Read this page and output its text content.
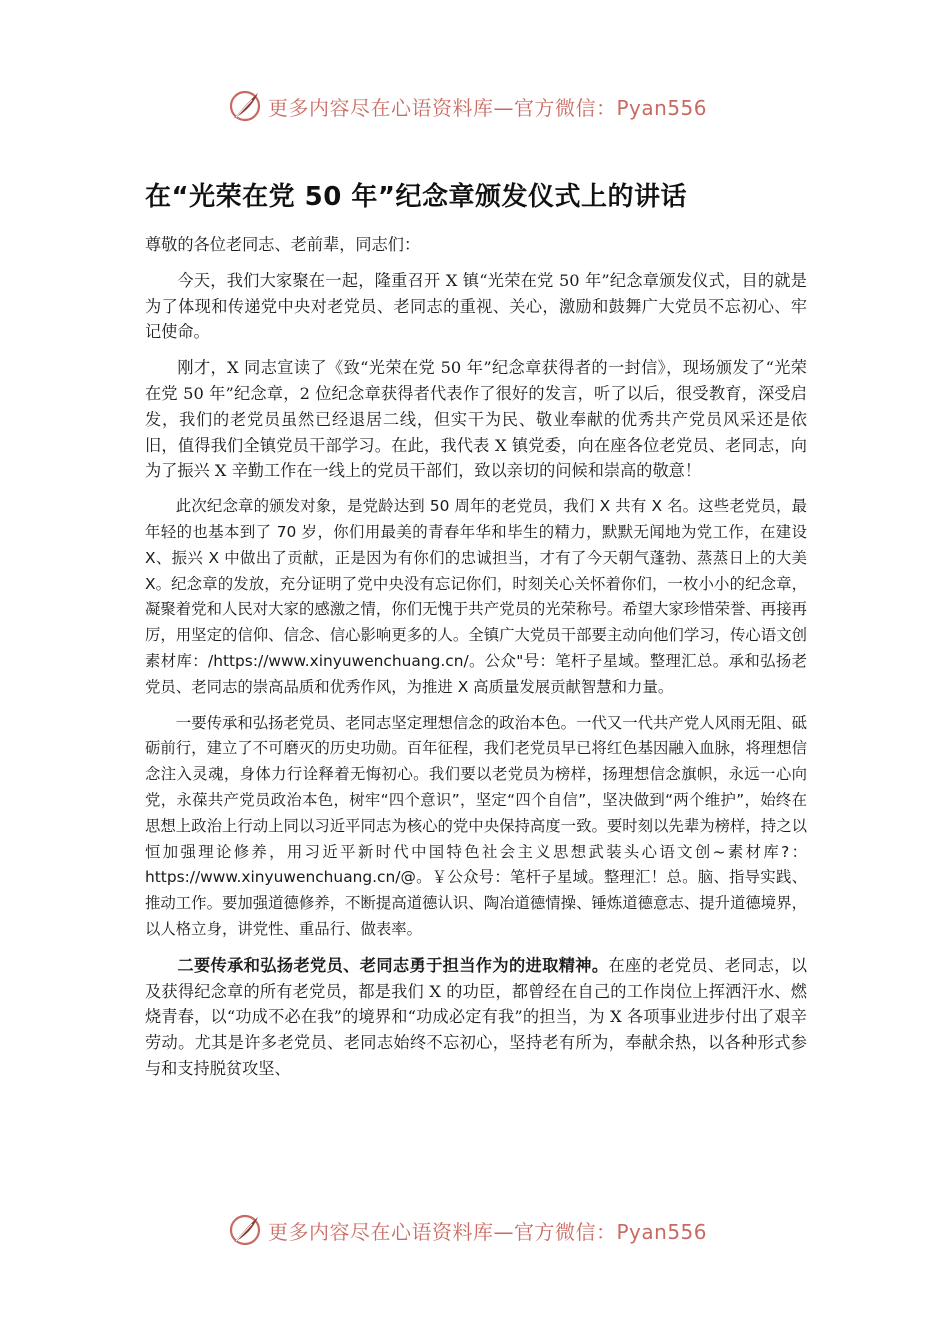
更多内容尽在心语资料库—官方微信：Pyan556
在“光荣在党 50 年”纪念章颁发仪式上的讲话

尊敬的各位老同志、老前辈，同志们：

今天，我们大家聚在一起，隆重召开 X 镇“光荣在党 50 年”纪念章颁发仪式，目的就是为了体现和传递党中央对老党员、老同志的重视、关心，激励和鼓舞广大党员不忘初心、牢记使命。

刚才，X 同志宣读了《致“光荣在党 50 年”纪念章获得者的一封信》，现场颁发了“光荣在党 50 年”纪念章，2 位纪念章获得者代表作了很好的发言，听了以后，很受教育，深受启发，我们的老党员虽然已经退居二线，但实干为民、敬业奉献的优秀共产党员风采还是依旧，值得我们全镇党员干部学习。在此，我代表 X 镇党委，向在座各位老党员、老同志，向为了振兴 X 辛勤工作在一线上的党员干部们，致以亲切的问候和崇高的敬意！

此次纪念章的颁发对象，是党龄达到 50 周年的老党员，我们 X 共有 X 名。这些老党员，最年轻的也基本到了 70 岁，你们用最美的青春年华和毕生的精力，默默无闻地为党工作，在建设 X、振兴 X 中做出了贡献，正是因为有你们的忠诚担当，才有了今天朝气蓬勃、蒸蒸日上的大美 X。纪念章的发放，充分证明了党中央没有忘记你们，时刻关心关怀着你们，一枚小小的纪念章，凝聚着党和人民对大家的感激之情，你们无愧于共产党员的光荣称号。希望大家珍惜荣誉、再接再厉，用坚定的信仰、信念、信心影响更多的人。全镇广大党员干部要主动向他们学习，传心语文创素材库：/https://www.xinyuwenchuang.cn/。公众"号：笔杆子星域。整理汇总。承和弘扬老党员、老同志的崇高品质和优秀作风，为推进 X 高质量发展贡献智慧和力量。

一要传承和弘扬老党员、老同志坚定理想信念的政治本色。一代又一代共产党人风雨无阻、砥砺前行，建立了不可磨灭的历史功勋。百年征程，我们老党员早已将红色基因融入血脉，将理想信念注入灵魂，身体力行诠释着无悔初心。我们要以老党员为榜样，扬理想信念旗帜，永远一心向党，永葆共产党员政治本色，树牢“四个意识”，坚定“四个自信”，坚决做到“两个维护”，始终在思想上政治上行动上同以习近平同志为核心的党中央保持高度一致。要时刻以先辈为榜样，持之以恒加强理论修养，用习近平新时代中国特色社会主义思想武装头心语文创~素材库?：https://www.xinyuwenchuang.cn/@。￥公众号：笔杆子星域。整理汇！总。脑、指导实践、推动工作。要加强道德修养，不断提高道德认识、陶冶道德情操、锤炼道德意志、提升道德境界，以人格立身，讲党性、重品行、做表率。

二要传承和弘扬老党员、老同志勇于担当作为的进取精神。在座的老党员、老同志，以及获得纪念章的所有老党员，都是我们 X 的功臣，都曾经在自己的工作岗位上挥洒汗水、燃烧青春，以“功成不必在我”的境界和“功成必定有我”的担当，为 X 各项事业进步付出了艰辛劳动。尤其是许多老党员、老同志始终不忘初心，坚持老有所为，奉献余热，以各种形式参与和支持脱贫攻坚、

更多内容尽在心语资料库—官方微信：Pyan556
